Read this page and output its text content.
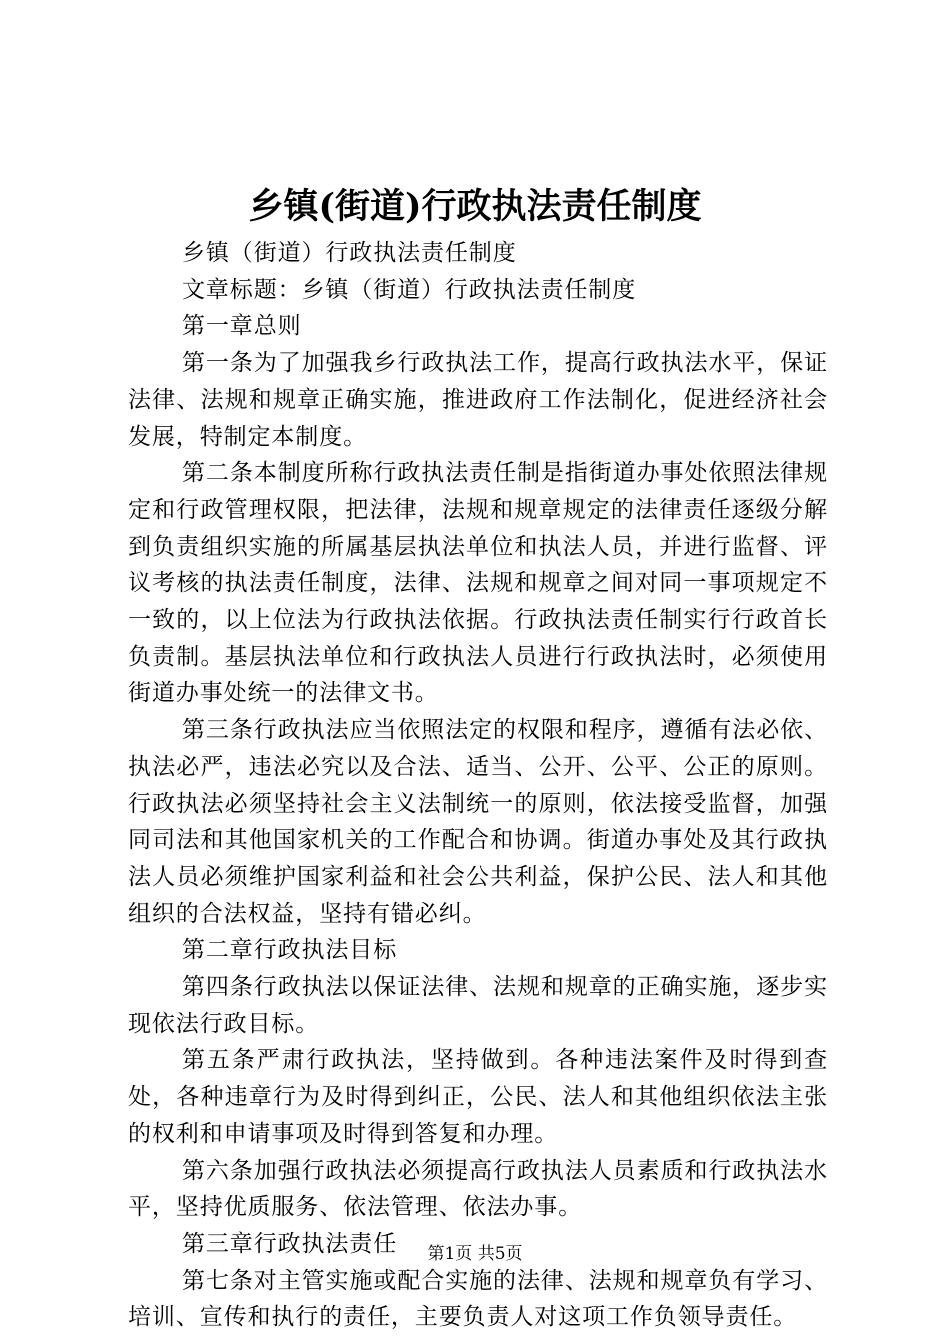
乡镇(街道)行政执法责任制度

乡镇（街道）行政执法责任制度

文章标题：乡镇（街道）行政执法责任制度

第一章总则

第一条为了加强我乡行政执法工作，提高行政执法水平，保证法律、法规和规章正确实施，推进政府工作法制化，促进经济社会发展，特制定本制度。

第二条本制度所称行政执法责任制是指街道办事处依照法律规定和行政管理权限，把法律，法规和规章规定的法律责任逐级分解到负责组织实施的所属基层执法单位和执法人员，并进行监督、评议考核的执法责任制度，法律、法规和规章之间对同一事项规定不一致的，以上位法为行政执法依据。行政执法责任制实行行政首长负责制。基层执法单位和行政执法人员进行行政执法时，必须使用街道办事处统一的法律文书。

第三条行政执法应当依照法定的权限和程序，遵循有法必依、执法必严，违法必究以及合法、适当、公开、公平、公正的原则。行政执法必须坚持社会主义法制统一的原则，依法接受监督，加强同司法和其他国家机关的工作配合和协调。街道办事处及其行政执法人员必须维护国家利益和社会公共利益，保护公民、法人和其他组织的合法权益，坚持有错必纠。

第二章行政执法目标

第四条行政执法以保证法律、法规和规章的正确实施，逐步实现依法行政目标。

第五条严肃行政执法，坚持做到。各种违法案件及时得到查处，各种违章行为及时得到纠正，公民、法人和其他组织依法主张的权利和申请事项及时得到答复和办理。

第六条加强行政执法必须提高行政执法人员素质和行政执法水平，坚持优质服务、依法管理、依法办事。

第三章行政执法责任

第七条对主管实施或配合实施的法律、法规和规章负有学习、培训、宣传和执行的责任，主要负责人对这项工作负领导责任。

第1页 共5页
